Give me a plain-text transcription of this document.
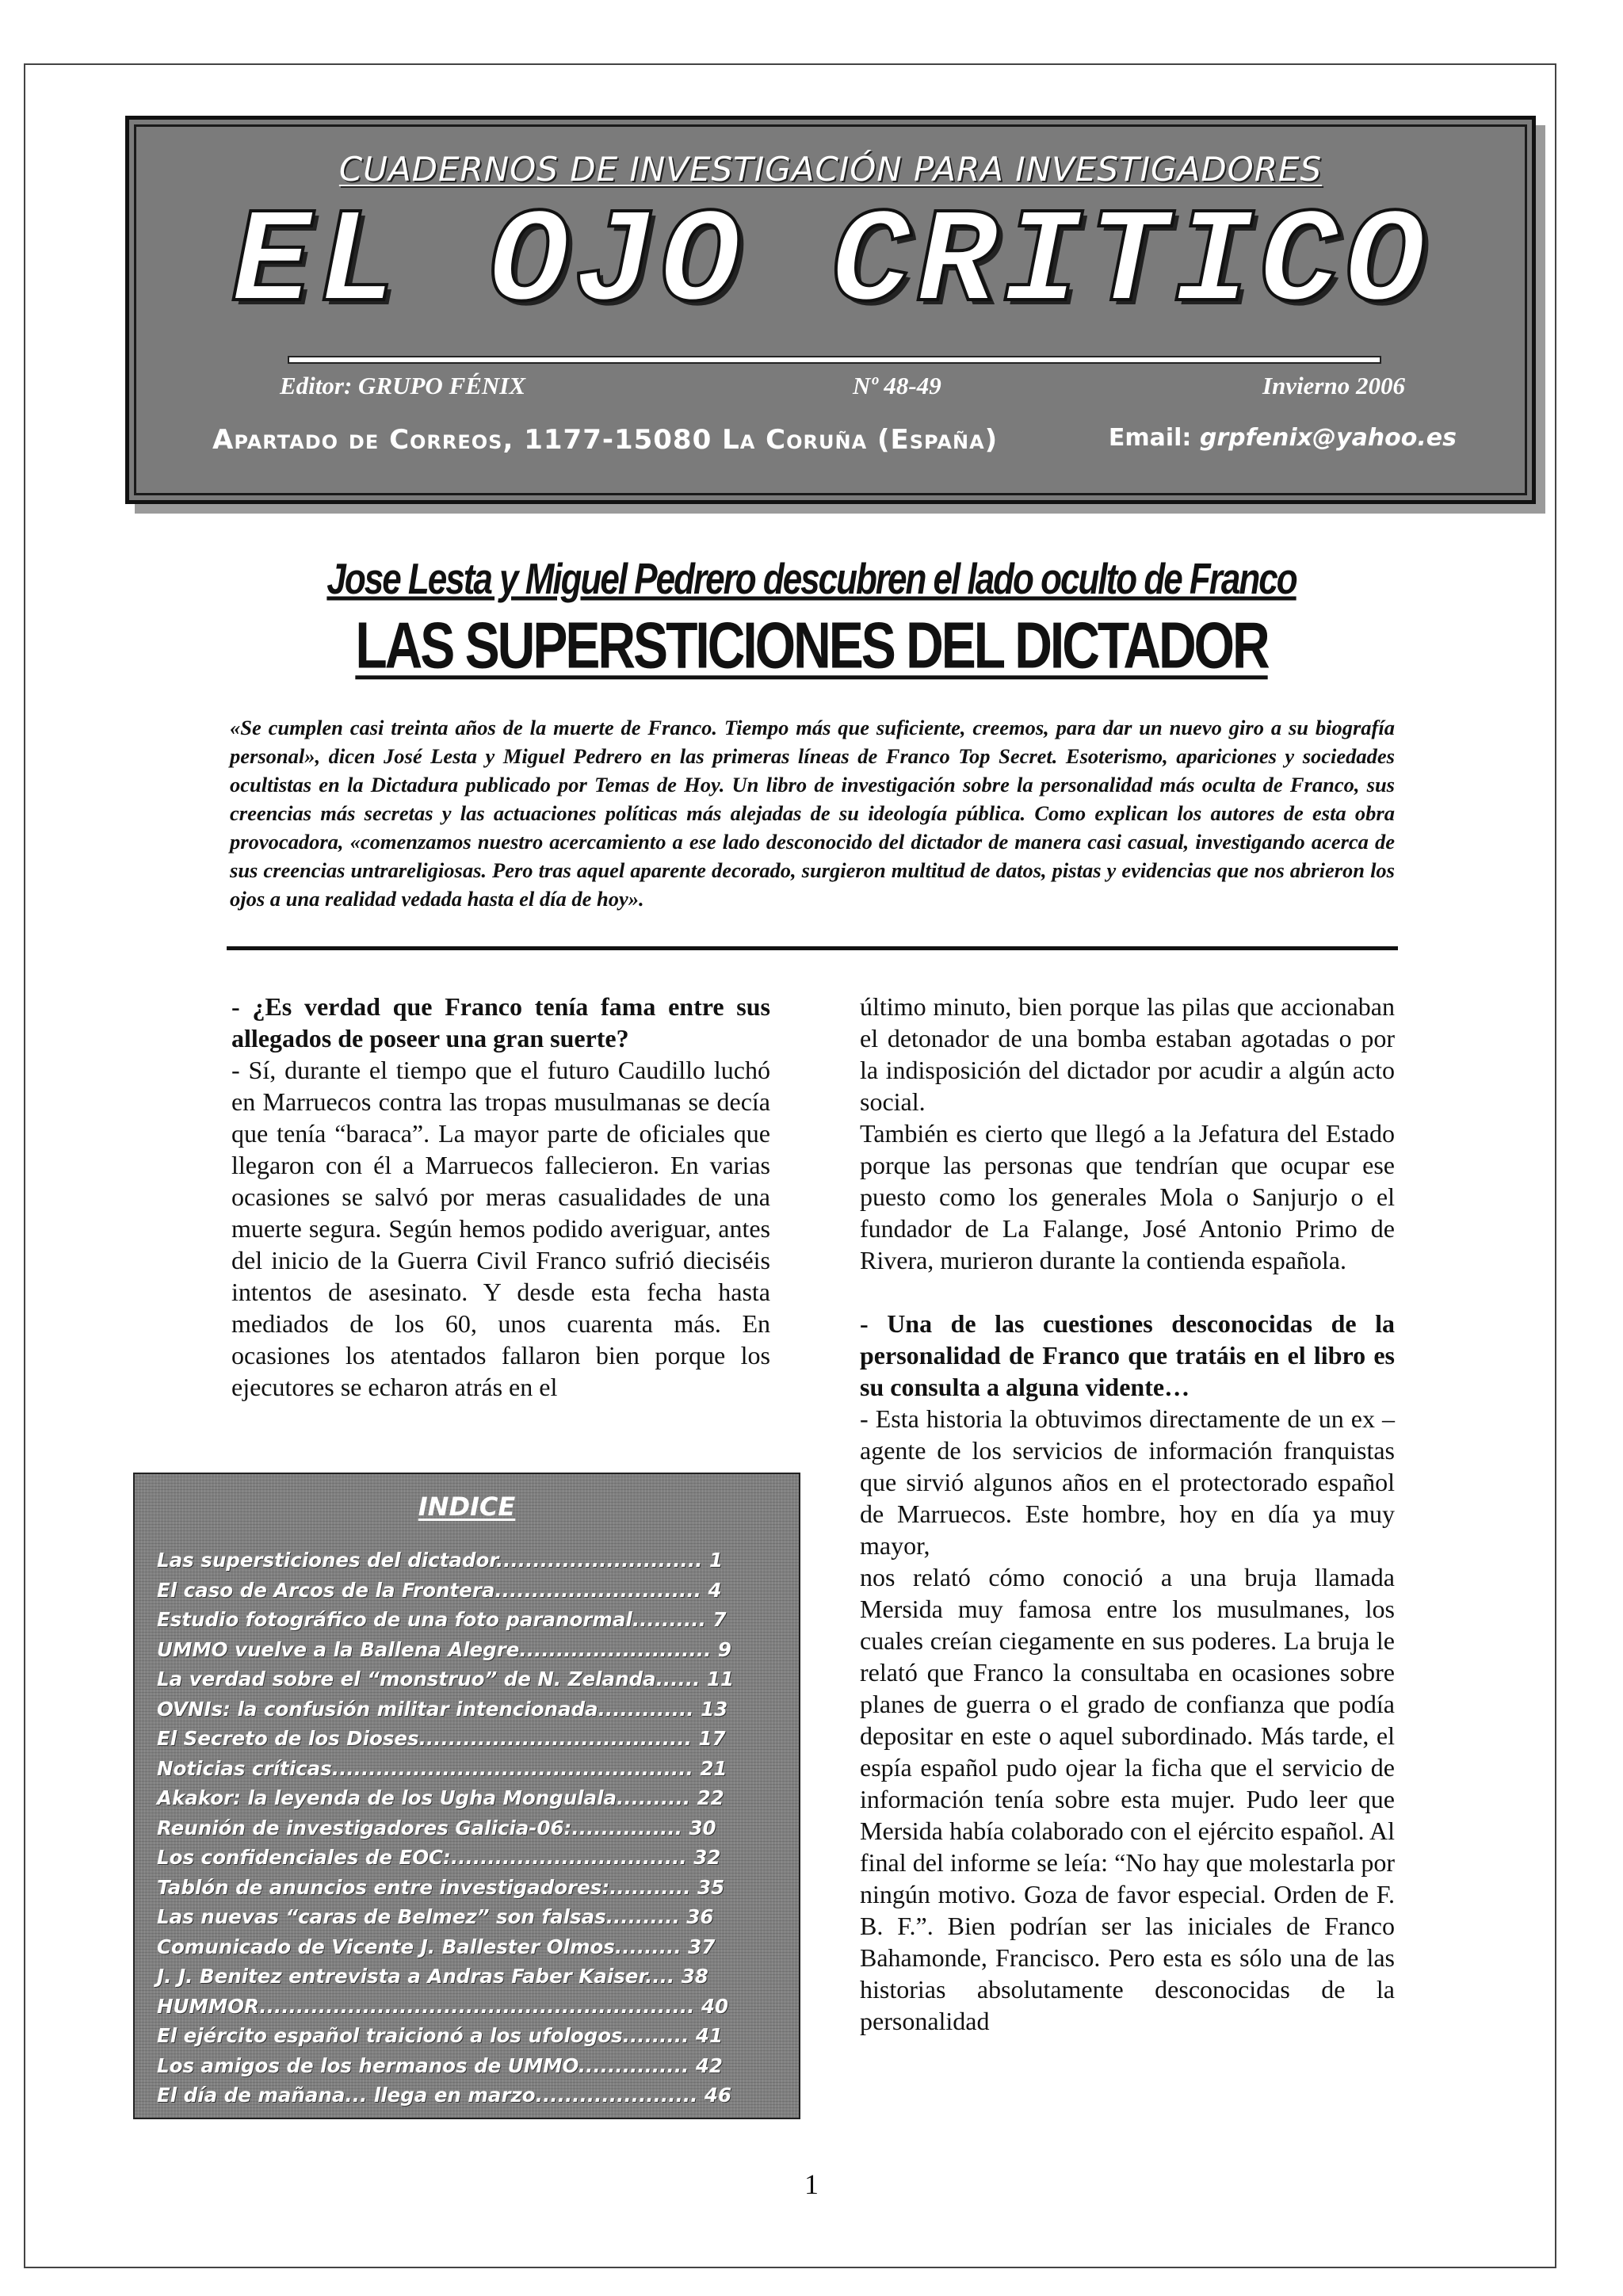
CUADERNOS DE INVESTIGACIÓN PARA INVESTIGADORES
EL OJO CRITICO
Editor: GRUPO FÉNIX	Nº 48-49	Invierno 2006
Apartado de Correos, 1177-15080 La Coruña (España)	Email: grpfenix@yahoo.es
Jose Lesta y Miguel Pedrero descubren el lado oculto de Franco
LAS SUPERSTICIONES DEL DICTADOR
«Se cumplen casi treinta años de la muerte de Franco. Tiempo más que suficiente, creemos, para dar un nuevo giro a su biografía personal», dicen José Lesta y Miguel Pedrero en las primeras líneas de Franco Top Secret. Esoterismo, apariciones y sociedades ocultistas en la Dictadura publicado por Temas de Hoy. Un libro de investigación sobre la personalidad más oculta de Franco, sus creencias más secretas y las actuaciones políticas más alejadas de su ideología pública. Como explican los autores de esta obra provocadora, «comenzamos nuestro acercamiento a ese lado desconocido del dictador de manera casi casual, investigando acerca de sus creencias untrareligiosas. Pero tras aquel aparente decorado, surgieron multitud de datos, pistas y evidencias que nos abrieron los ojos a una realidad vedada hasta el día de hoy».

- ¿Es verdad que Franco tenía fama entre sus allegados de poseer una gran suerte?

- Sí, durante el tiempo que el futuro Caudillo luchó en Marruecos contra las tropas musulmanas se decía que tenía “baraca”. La mayor parte de oficiales que llegaron con él a Marruecos fallecieron. En varias ocasiones se salvó por meras casualidades de una muerte segura. Según hemos podido averiguar, antes del inicio de la Guerra Civil Franco sufrió dieciséis intentos de asesinato. Y desde esta fecha hasta mediados de los 60, unos cuarenta más. En ocasiones los atentados fallaron bien porque los ejecutores se echaron atrás en el

último minuto, bien porque las pilas que accionaban el detonador de una bomba estaban agotadas o por la indisposición del dictador por acudir a algún acto social.

También es cierto que llegó a la Jefatura del Estado porque las personas que tendrían que ocupar ese puesto como los generales Mola o Sanjurjo o el fundador de La Falange, José Antonio Primo de Rivera, murieron durante la contienda española.

- Una de las cuestiones desconocidas de la personalidad de Franco que tratáis en el libro es su consulta a alguna vidente…

- Esta historia la obtuvimos directamente de un ex – agente de los servicios de información franquistas que sirvió algunos años en el protectorado español de Marruecos. Este hombre, hoy en día ya muy mayor,

nos relató cómo conoció a una bruja llamada Mersida muy famosa entre los musulmanes, los cuales creían ciegamente en sus poderes. La bruja le relató que Franco la consultaba en ocasiones sobre planes de guerra o el grado de confianza que podía depositar en este o aquel subordinado. Más tarde, el espía español pudo ojear la ficha que el servicio de información tenía sobre esta mujer. Pudo leer que Mersida había colaborado con el ejército español. Al final del informe se leía: “No hay que molestarla por ningún motivo. Goza de favor especial. Orden de F. B. F.”. Bien podrían ser las iniciales de Franco Bahamonde, Francisco. Pero esta es sólo una de las historias absolutamente desconocidas de la personalidad

INDICE
Las supersticiones del dictador............................ 1
El caso de Arcos de la Frontera............................ 4
Estudio fotográfico de una foto paranormal.......... 7
UMMO vuelve a la Ballena Alegre.......................... 9
La verdad sobre el “monstruo” de N. Zelanda...... 11
OVNIs: la confusión militar intencionada............. 13
El Secreto de los Dioses..................................... 17
Noticias críticas................................................. 21
Akakor: la leyenda de los Ugha Mongulala.......... 22
Reunión de investigadores Galicia-06:............... 30
Los confidenciales de EOC:................................ 32
Tablón de anuncios entre investigadores:........... 35
Las nuevas “caras de Belmez” son falsas.......... 36
Comunicado de Vicente J. Ballester Olmos......... 37
J. J. Benitez entrevista a Andras Faber Kaiser.... 38
HUMMOR........................................................... 40
El ejército español traicionó a los ufologos......... 41
Los amigos de los hermanos de UMMO............... 42
El día de mañana... llega en marzo...................... 46
1
